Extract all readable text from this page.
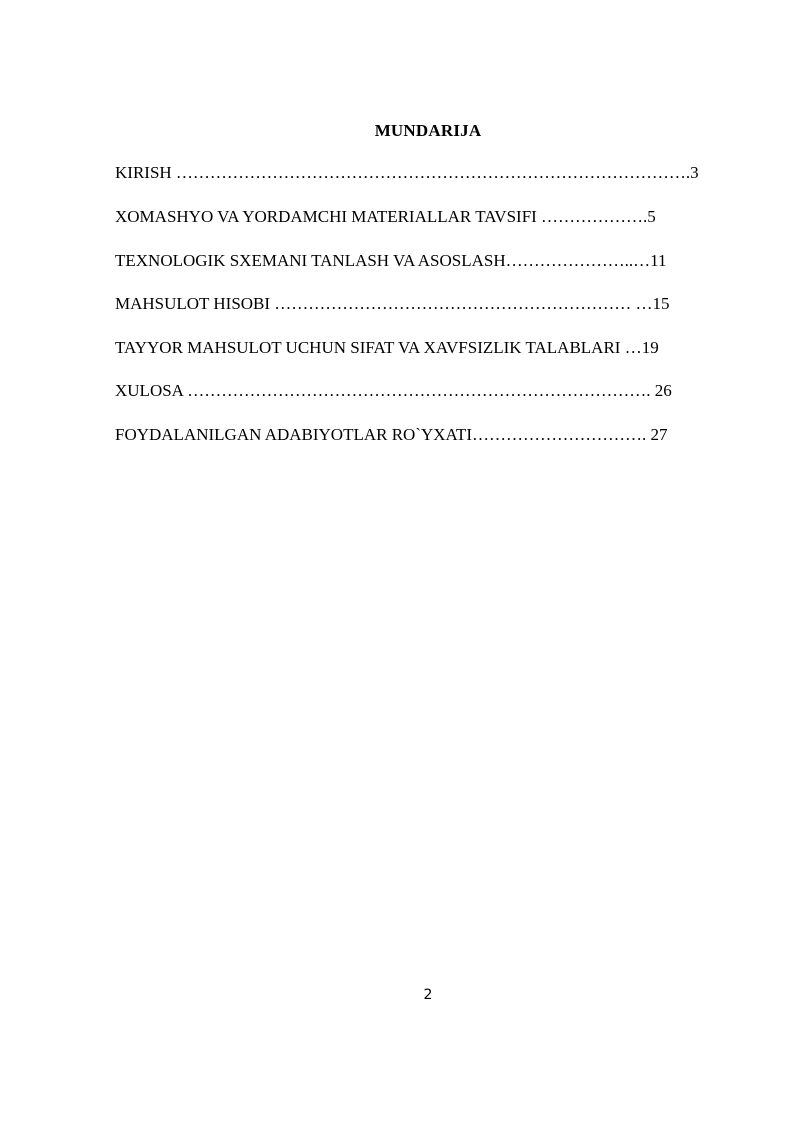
MUNDARIJA
KIRISH ……………………………………………………………………………….3
XOMASHYO VA YORDAMCHI MATERIALLAR TAVSIFI ……………….5
TEXNOLOGIK SXEMANI TANLASH VA ASOSLASH…………………..…11
MAHSULOT HISOBI ……………………………………………………… …15
TAYYOR MAHSULOT UCHUN SIFAT VA XAVFSIZLIK TALABLARI …19
XULOSA ………………………………………………………………………. 26
FOYDALANILGAN ADABIYOTLAR RO`YXATI…………………………. 27
2
